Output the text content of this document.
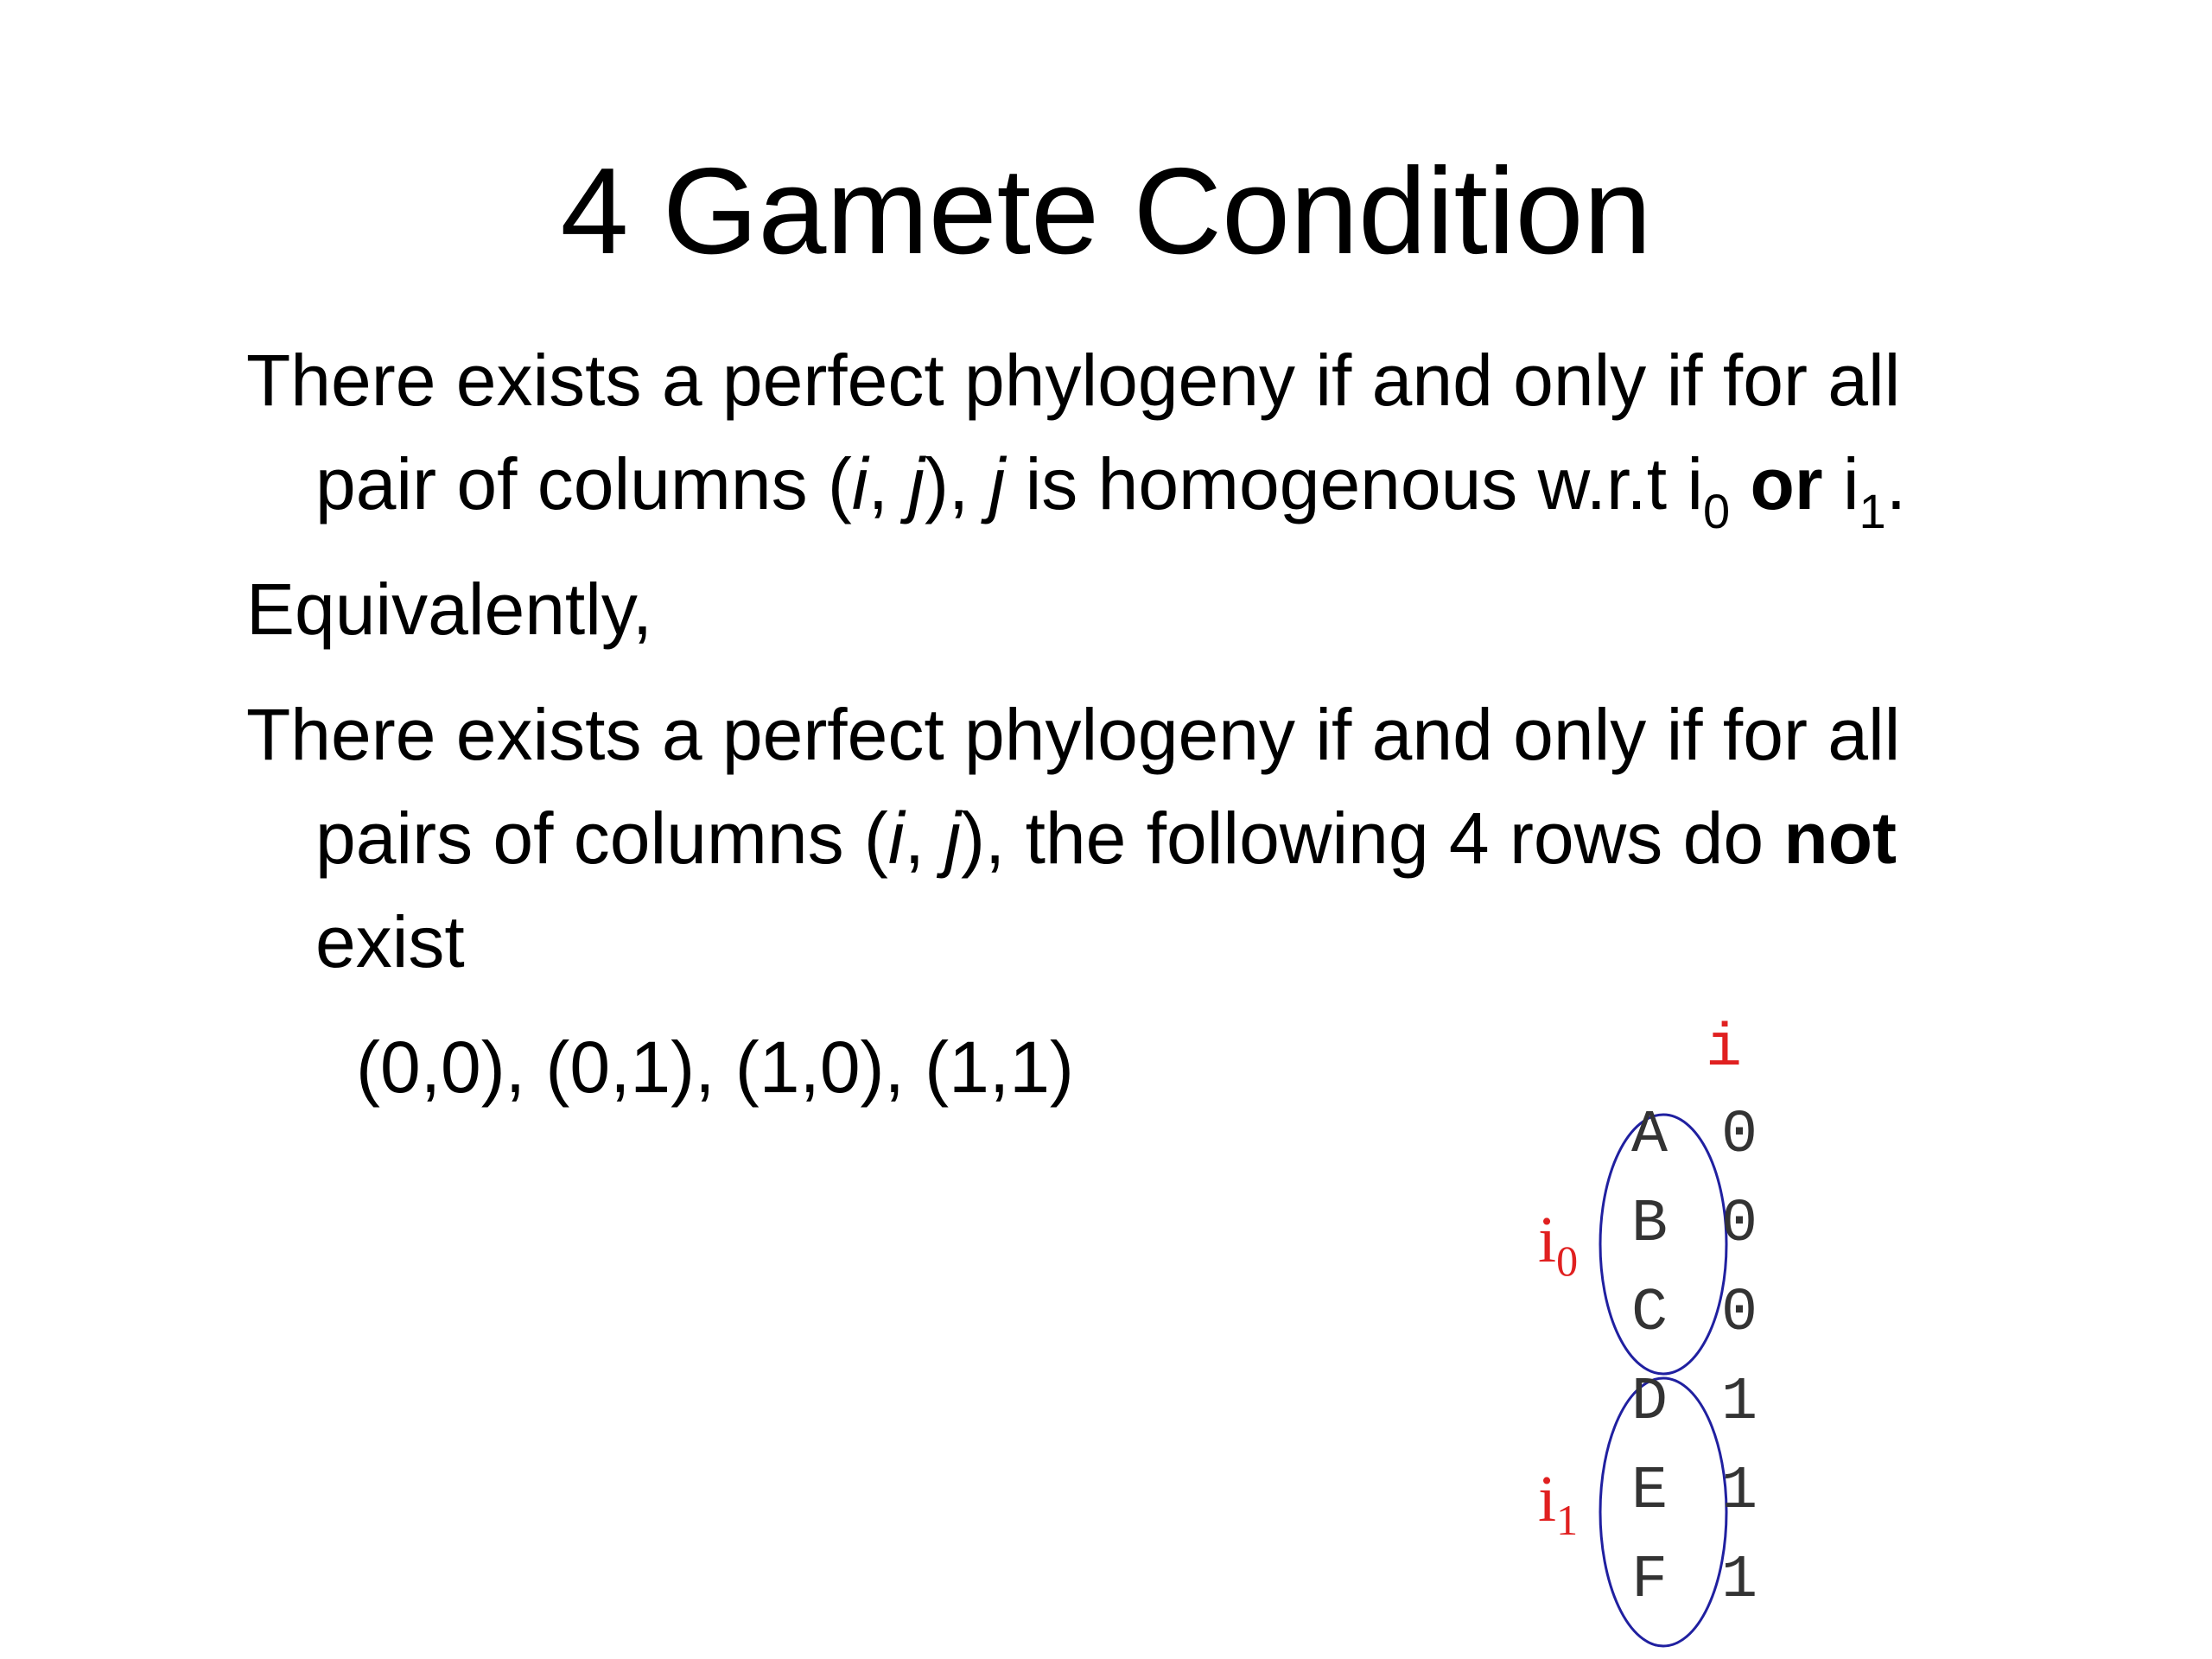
4 Gamete Condition
There exists a perfect phylogeny if and only if for all
pair of columns (i, j), j is homogenous w.r.t $i_0$ or $i_1$.
Equivalently,
There exists a perfect phylogeny if and only if for all
pairs of columns (i, j), the following 4 rows do not
exist
(0,0), (0,1), (1,0), (1,1)	i
A 0
B 0
C 0
D 1
E 1
F 1
$i_0$
$i_1$
